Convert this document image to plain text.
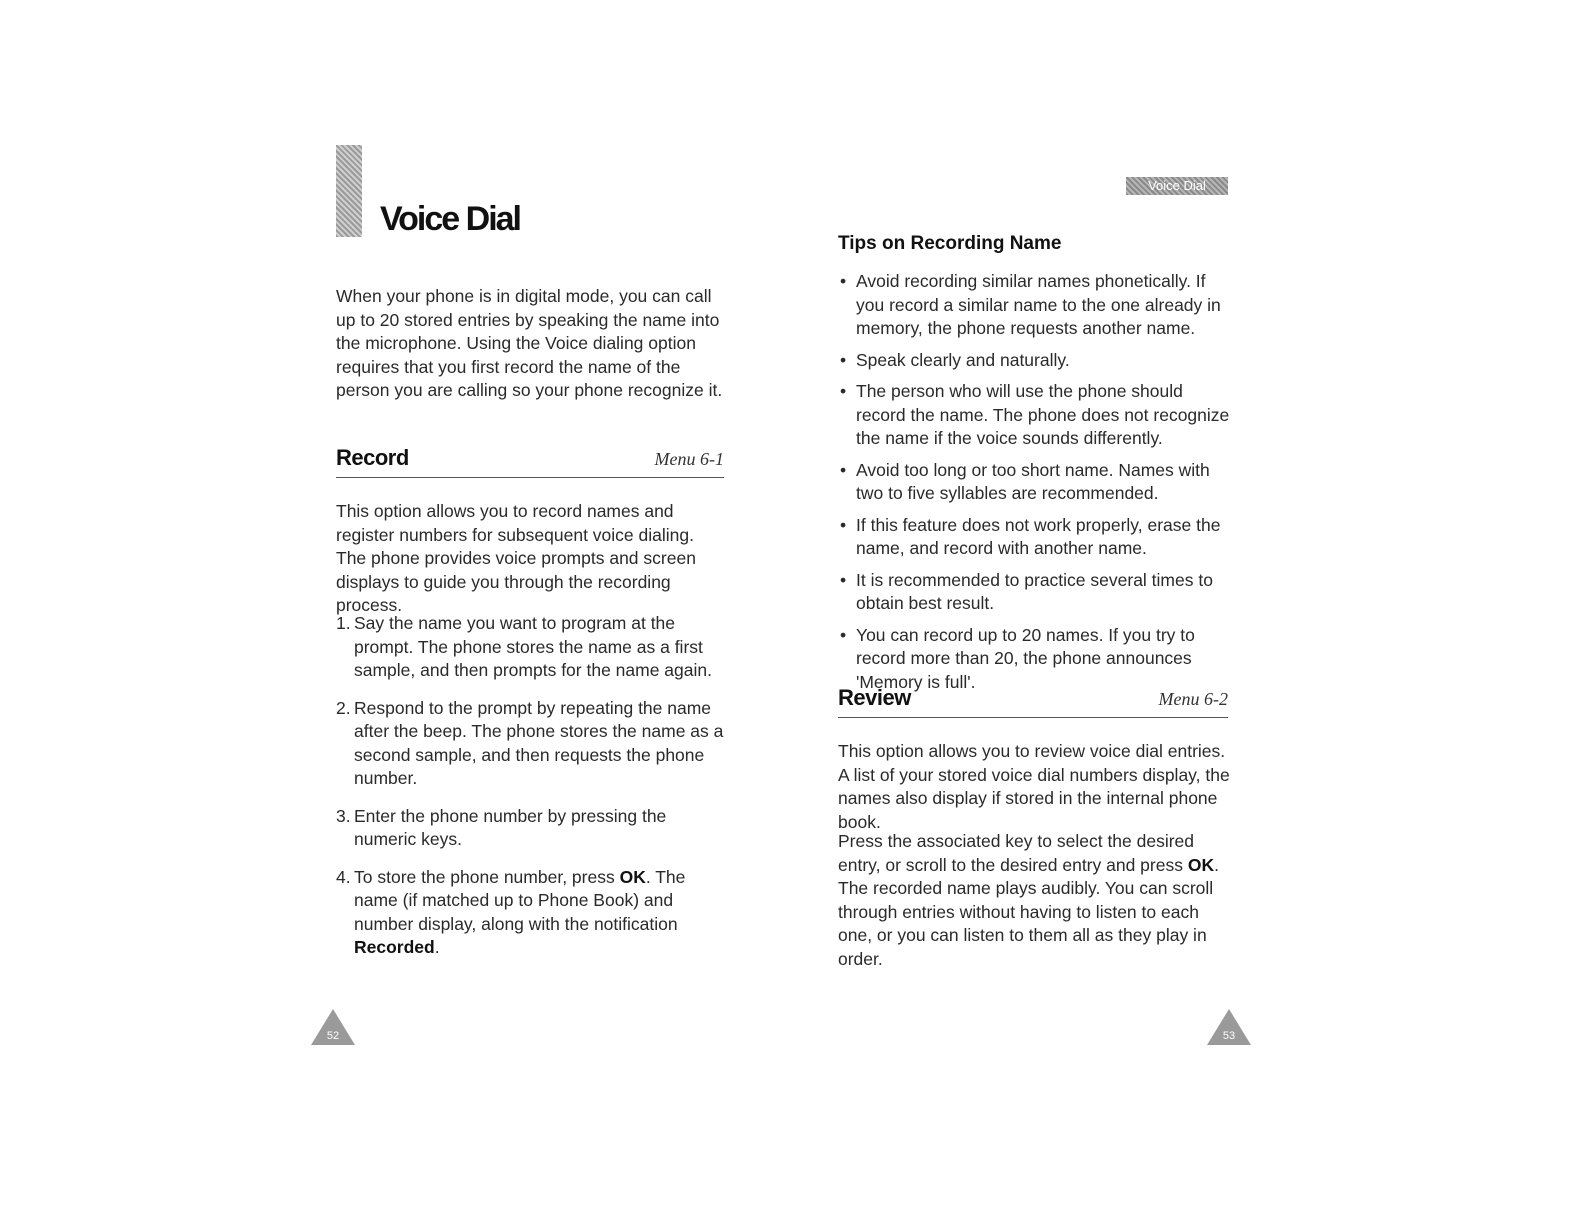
Voice Dial

When your phone is in digital mode, you can call up to 20 stored entries by speaking the name into the microphone. Using the Voice dialing option requires that you first record the name of the person you are calling so your phone recognize it.

Record	Menu 6-1

This option allows you to record names and register numbers for subsequent voice dialing. The phone provides voice prompts and screen displays to guide you through the recording process.

1. Say the name you want to program at the prompt. The phone stores the name as a first sample, and then prompts for the name again.
2. Respond to the prompt by repeating the name after the beep. The phone stores the name as a second sample, and then requests the phone number.
3. Enter the phone number by pressing the numeric keys.
4. To store the phone number, press OK. The name (if matched up to Phone Book) and number display, along with the notification Recorded.
52
Voice Dial
Tips on Recording Name
• Avoid recording similar names phonetically. If you record a similar name to the one already in memory, the phone requests another name.
• Speak clearly and naturally.
• The person who will use the phone should record the name. The phone does not recognize the name if the voice sounds differently.
• Avoid too long or too short name. Names with two to five syllables are recommended.
• If this feature does not work properly, erase the name, and record with another name.
• It is recommended to practice several times to obtain best result.
• You can record up to 20 names. If you try to record more than 20, the phone announces 'Memory is full'.
Review	Menu 6-2

This option allows you to review voice dial entries. A list of your stored voice dial numbers display, the names also display if stored in the internal phone book.

Press the associated key to select the desired entry, or scroll to the desired entry and press OK. The recorded name plays audibly. You can scroll through entries without having to listen to each one, or you can listen to them all as they play in order.

53
